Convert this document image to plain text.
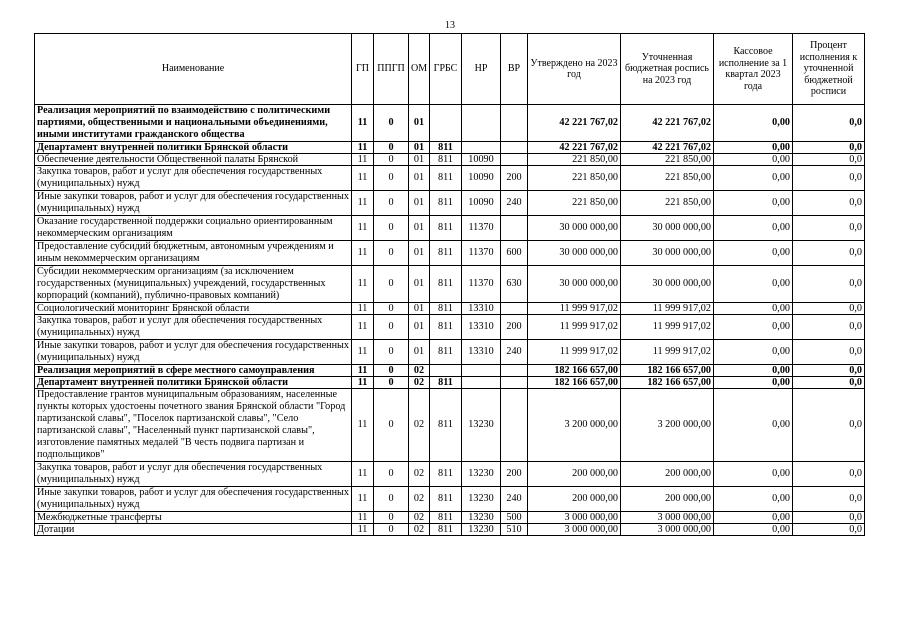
13
Наименование	ГП	ППГП	ОМ	ГРБС	НР	ВР	Утверждено на 2023 год	Уточненная бюджетная роспись на 2023 год	Кассовое исполнение за 1 квартал 2023 года	Процент исполнения к уточненной бюджетной росписи
Реализация мероприятий по взаимодействию с политическими партиями, общественными и национальными объединениями, иными институтами гражданского общества	11	0	01				42 221 767,02	42 221 767,02	0,00	0,0
Департамент внутренней политики Брянской области	11	0	01	811			42 221 767,02	42 221 767,02	0,00	0,0
Обеспечение деятельности Общественной палаты Брянской	11	0	01	811	10090		221 850,00	221 850,00	0,00	0,0
Закупка товаров, работ и услуг для обеспечения государственных (муниципальных) нужд	11	0	01	811	10090	200	221 850,00	221 850,00	0,00	0,0
Иные закупки товаров, работ и услуг для обеспечения государственных (муниципальных) нужд	11	0	01	811	10090	240	221 850,00	221 850,00	0,00	0,0
Оказание государственной поддержки социально ориентированным некоммерческим организациям	11	0	01	811	11370		30 000 000,00	30 000 000,00	0,00	0,0
Предоставление субсидий бюджетным, автономным учреждениям и иным некоммерческим организациям	11	0	01	811	11370	600	30 000 000,00	30 000 000,00	0,00	0,0
Субсидии некоммерческим организациям (за исключением государственных (муниципальных) учреждений, государственных корпораций (компаний), публично-правовых компаний)	11	0	01	811	11370	630	30 000 000,00	30 000 000,00	0,00	0,0
Социологический мониторинг Брянской области	11	0	01	811	13310		11 999 917,02	11 999 917,02	0,00	0,0
Закупка товаров, работ и услуг для обеспечения государственных (муниципальных) нужд	11	0	01	811	13310	200	11 999 917,02	11 999 917,02	0,00	0,0
Иные закупки товаров, работ и услуг для обеспечения государственных (муниципальных) нужд	11	0	01	811	13310	240	11 999 917,02	11 999 917,02	0,00	0,0
Реализация мероприятий в сфере местного самоуправления	11	0	02				182 166 657,00	182 166 657,00	0,00	0,0
Департамент внутренней политики Брянской области	11	0	02	811			182 166 657,00	182 166 657,00	0,00	0,0
Предоставление грантов муниципальным образованиям, населенные пункты которых удостоены почетного звания Брянской области "Город партизанской славы", "Поселок партизанской славы", "Село партизанской славы", "Населенный пункт партизанской славы", изготовление памятных медалей "В честь подвига партизан и подпольщиков"	11	0	02	811	13230		3 200 000,00	3 200 000,00	0,00	0,0
Закупка товаров, работ и услуг для обеспечения государственных (муниципальных) нужд	11	0	02	811	13230	200	200 000,00	200 000,00	0,00	0,0
Иные закупки товаров, работ и услуг для обеспечения государственных (муниципальных) нужд	11	0	02	811	13230	240	200 000,00	200 000,00	0,00	0,0
Межбюджетные трансферты	11	0	02	811	13230	500	3 000 000,00	3 000 000,00	0,00	0,0
Дотации	11	0	02	811	13230	510	3 000 000,00	3 000 000,00	0,00	0,0
